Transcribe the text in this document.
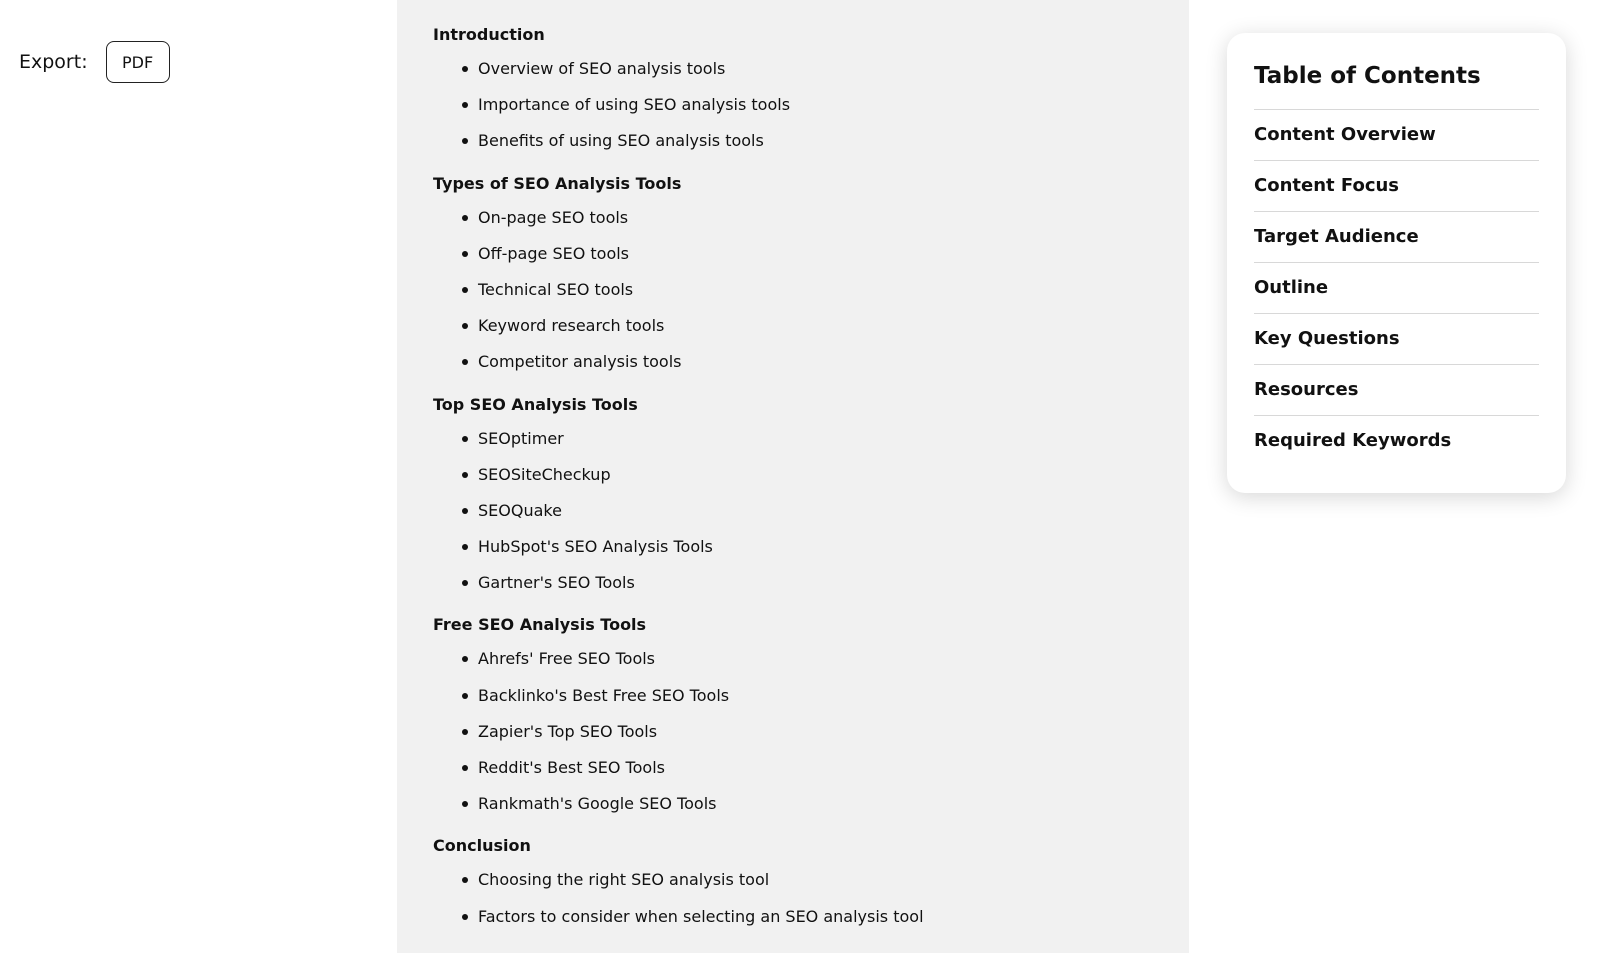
Export:	PDF
Introduction
Overview of SEO analysis tools
Importance of using SEO analysis tools
Benefits of using SEO analysis tools
Types of SEO Analysis Tools
On-page SEO tools
Off-page SEO tools
Technical SEO tools
Keyword research tools
Competitor analysis tools
Top SEO Analysis Tools
SEOptimer
SEOSiteCheckup
SEOQuake
HubSpot's SEO Analysis Tools
Gartner's SEO Tools
Free SEO Analysis Tools
Ahrefs' Free SEO Tools
Backlinko's Best Free SEO Tools
Zapier's Top SEO Tools
Reddit's Best SEO Tools
Rankmath's Google SEO Tools
Conclusion
Choosing the right SEO analysis tool
Factors to consider when selecting an SEO analysis tool
Table of Contents
Content Overview
Content Focus
Target Audience
Outline
Key Questions
Resources
Required Keywords
